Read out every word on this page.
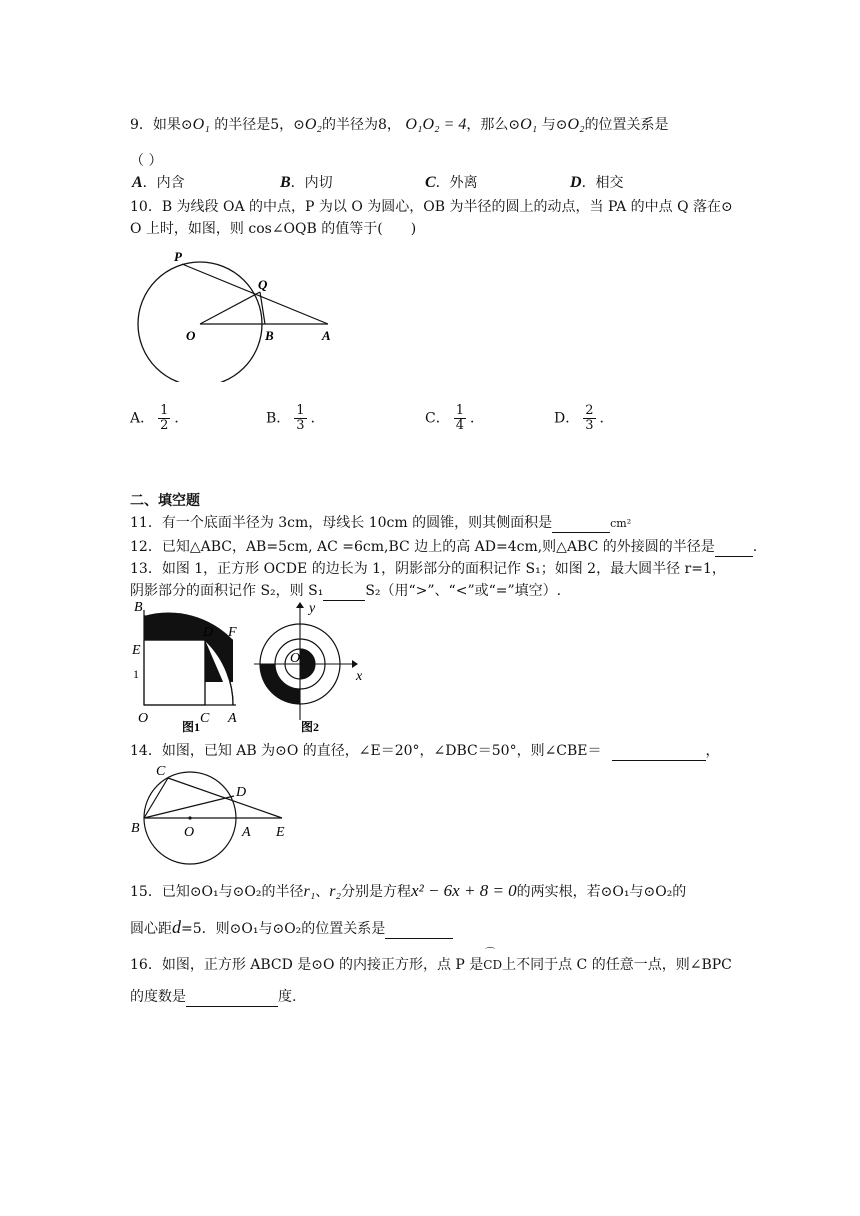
9．如果⊙O₁ 的半径是5，⊙O₂的半径为8， O₁O₂ = 4，那么⊙O₁ 与⊙O₂的位置关系是
（ ）
A．内含	B．内切	C．外离	D．相交
10．B 为线段 OA 的中点，P 为以 O 为圆心，OB 为半径的圆上的动点，当 PA 的中点 Q 落在⊙
O 上时，如图，则 cos∠OQB 的值等于(　　)
P
Q
O	B	A
A． $\frac{1}{2}$ ．	B． $\frac{1}{3}$ ．	C． $\frac{1}{4}$ ．	D． $\frac{2}{3}$ ．
二、填空题
11．有一个底面半径为 3cm，母线长 10cm 的圆锥，则其侧面积是	cm²
12．已知△ABC，AB=5cm, AC =6cm,BC 边上的高 AD=4cm,则△ABC 的外接圆的半径是	.
13．如图 1，正方形 OCDE 的边长为 1，阴影部分的面积记作 S₁；如图 2，最大圆半径 r=1，
阴影部分的面积记作 S₂，则 S₁	S₂（用“>”、“<”或“=”填空）.
B
D F
E
1
O	C A
图1
y
O
x
图2
14．如图，已知 AB 为⊙O 的直径，∠E＝20°，∠DBC＝50°，则∠CBE＝	，
C
D
B	O	A E
15．已知⊙O₁与⊙O₂的半径r₁、r₂分别是方程x² − 6x + 8 = 0的两实根，若⊙O₁与⊙O₂的
圆心距d=5．则⊙O₁与⊙O₂的位置关系是
16．如图，正方形 ABCD 是⊙O 的内接正方形，点 P 是
⌒
CD上不同于点 C 的任意一点，则∠BPC
的度数是	度.
